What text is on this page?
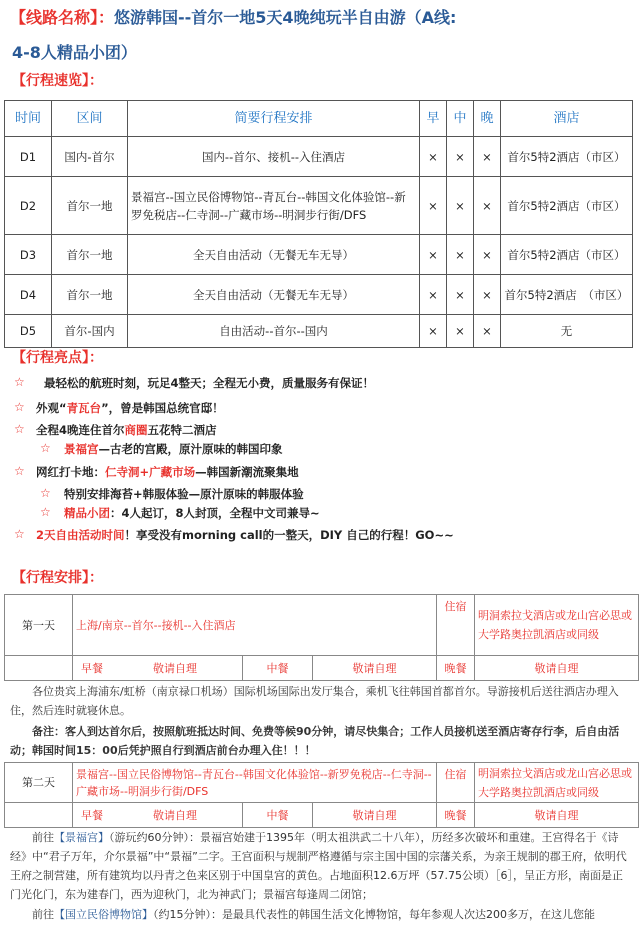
【线路名称】：悠游韩国--首尔一地5天4晚纯玩半自由游（A线:
4-8人精品小团）
【行程速览】：
时间	区间	简要行程安排	早	中	晚	酒店
D1	国内-首尔	国内--首尔、接机--入住酒店	×	×	×	首尔5特2酒店（市区）
D2	首尔一地	景福宫--国立民俗博物馆--青瓦台--韩国文化体验馆--新罗免税店--仁寺洞--广藏市场--明洞步行街/DFS	×	×	×	首尔5特2酒店（市区）
D3	首尔一地	全天自由活动（无餐无车无导）	×	×	×	首尔5特2酒店（市区）
D4	首尔一地	全天自由活动（无餐无车无导）	×	×	×	首尔5特2酒店　（市区）
D5	首尔-国内	自由活动--首尔--国内	×	×	×	无
【行程亮点】：
☆ 最轻松的航班时刻，玩足4整天；全程无小费，质量服务有保证！
☆ 外观“青瓦台”，曾是韩国总统官邸！
☆ 全程4晚连住首尔商圈五花特二酒店
☆ 景福宫—古老的宫殿，原汁原味的韩国印象
☆ 网红打卡地：仁寺洞+广藏市场—韩国新潮流聚集地
☆ 特别安排海苔+韩服体验—原汁原味的韩服体验
☆ 精品小团：4人起订，8人封顶，全程中文司兼导~
☆ 2天自由活动时间！享受没有morning call的一整天，DIY 自己的行程！GO~~
【行程安排】：
第一天	上海/南京--首尔--接机--入住酒店			住宿	明洞索拉戈酒店或龙山宫必思或大学路奥拉凯酒店或同级
	早餐 敬请自理	中餐	敬请自理	晚餐	敬请自理
各位贵宾上海浦东/虹桥（南京禄口机场）国际机场国际出发厅集合，乘机飞往韩国首都首尔。导游接机后送往酒店办理入住，然后连时就寝休息。
备注：客人到达首尔后，按照航班抵达时间、免费等候90分钟，请尽快集合；工作人员接机送至酒店寄存行李，后自由活动；韩国时间15：00后凭护照自行到酒店前台办理入住！！！
第二天	景福宫--国立民俗博物馆--青瓦台--韩国文化体验馆--新罗免税店--仁寺洞--广藏市场--明洞步行街/DFS			住宿	明洞索拉戈酒店或龙山宫必思或大学路奥拉凯酒店或同级
	早餐 敬请自理	中餐	敬请自理	晚餐	敬请自理
前往【景福宫】（游玩约60分钟）：景福宫始建于1395年（明太祖洪武二十八年），历经多次破坏和重建。王宫得名于《诗经》中“君子万年，介尔景福”中“景福”二字。王宫面积与规制严格遵循与宗主国中国的宗藩关系，为亲王规制的郡王府，依明代王府之制营建，所有建筑均以丹青之色来区别于中国皇宫的黄色。占地面积12.6万坪（57.75公顷）［6］，呈正方形，南面是正门光化门，东为建春门，西为迎秋门，北为神武门；景福宫每逢周二闭馆；
前往【国立民俗博物馆】（约15分钟）：是最具代表性的韩国生活文化博物馆，每年参观人次达200多万，在这儿您能
